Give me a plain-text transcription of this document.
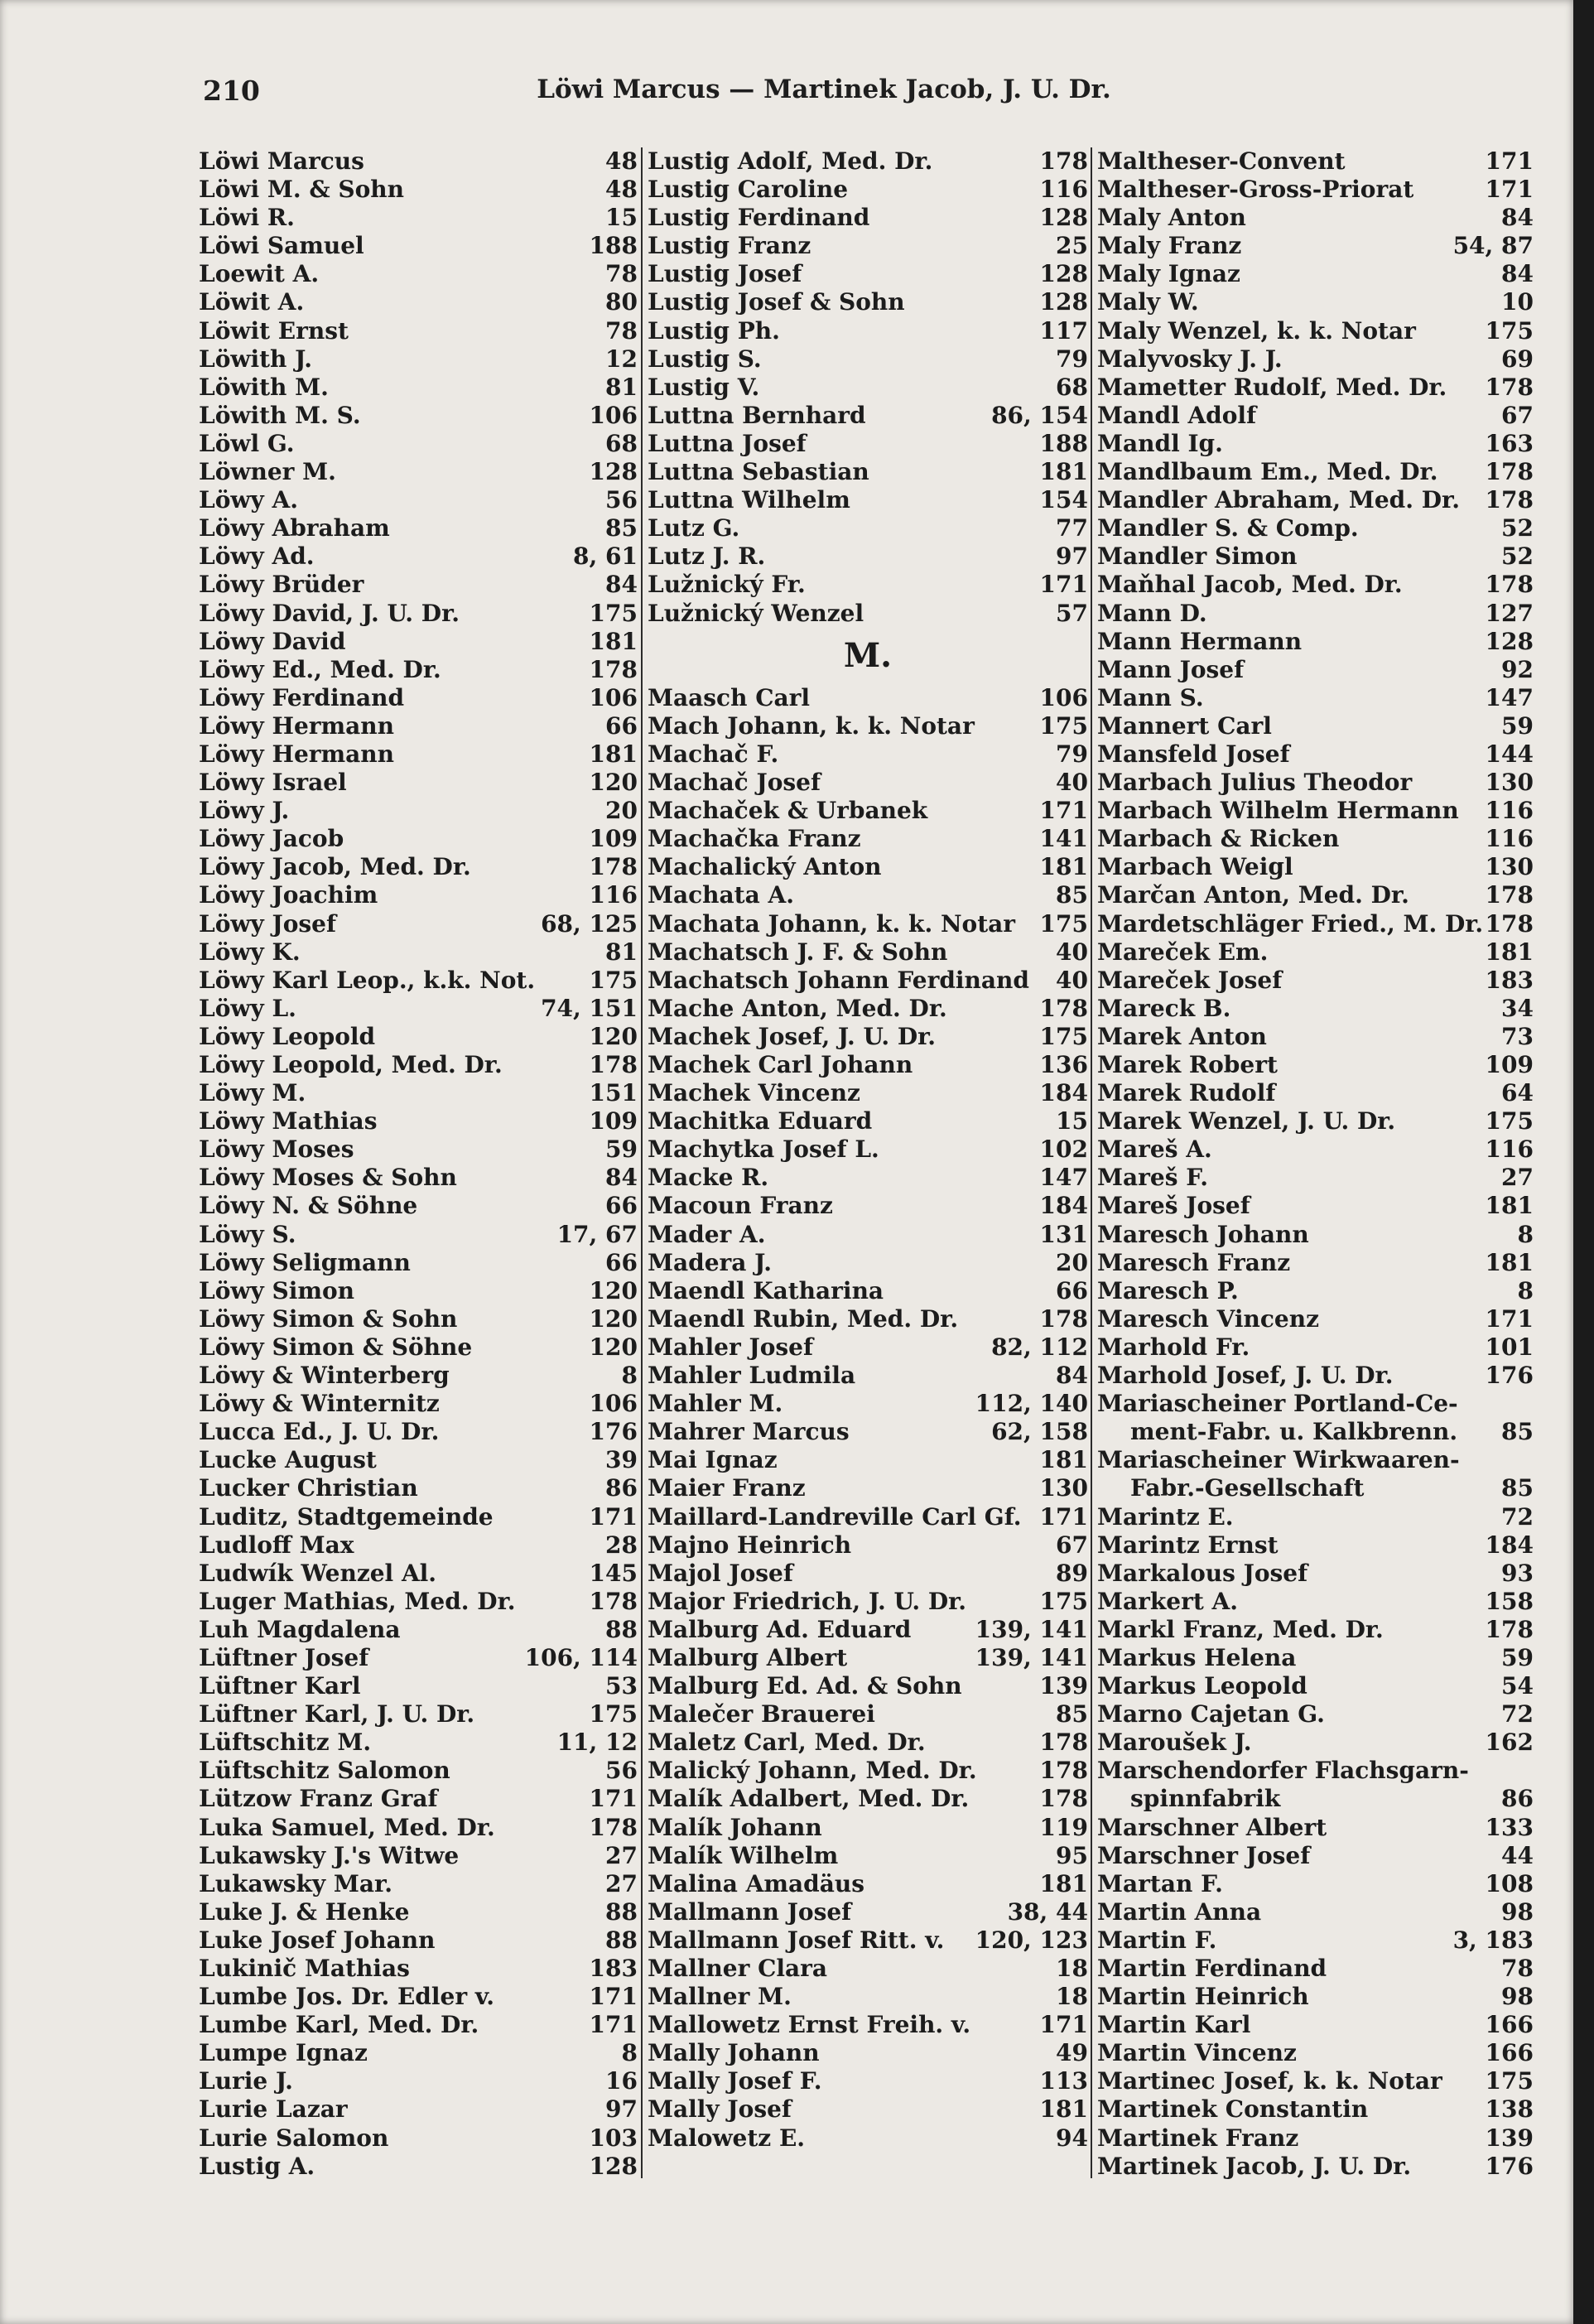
210	Löwi Marcus — Martinek Jacob, J. U. Dr.
Löwi Marcus	48
Löwi M. & Sohn	48
Löwi R.	15
Löwi Samuel	188
Loewit A.	78
Löwit A.	80
Löwit Ernst	78
Löwith J.	12
Löwith M.	81
Löwith M. S.	106
Löwl G.	68
Löwner M.	128
Löwy A.	56
Löwy Abraham	85
Löwy Ad.	8, 61
Löwy Brüder	84
Löwy David, J. U. Dr.	175
Löwy David	181
Löwy Ed., Med. Dr.	178
Löwy Ferdinand	106
Löwy Hermann	66
Löwy Hermann	181
Löwy Israel	120
Löwy J.	20
Löwy Jacob	109
Löwy Jacob, Med. Dr.	178
Löwy Joachim	116
Löwy Josef	68, 125
Löwy K.	81
Löwy Karl Leop., k.k. Not. 175
Löwy L.	74, 151
Löwy Leopold	120
Löwy Leopold, Med. Dr.	178
Löwy M.	151
Löwy Mathias	109
Löwy Moses	59
Löwy Moses & Sohn	84
Löwy N. & Söhne	66
Löwy S.	17, 67
Löwy Seligmann	66
Löwy Simon	120
Löwy Simon & Sohn	120
Löwy Simon & Söhne	120
Löwy & Winterberg	8
Löwy & Winternitz	106
Lucca Ed., J. U. Dr.	176
Lucke August	39
Lucker Christian	86
Luditz, Stadtgemeinde	171
Ludloff Max	28
Ludwík Wenzel Al.	145
Luger Mathias, Med. Dr.	178
Luh Magdalena	88
Lüftner Josef	106, 114
Lüftner Karl	53
Lüftner Karl, J. U. Dr.	175
Lüftschitz M.	11, 12
Lüftschitz Salomon	56
Lützow Franz Graf	171
Luka Samuel, Med. Dr.	178
Lukawsky J.'s Witwe	27
Lukawsky Mar.	27
Luke J. & Henke	88
Luke Josef Johann	88
Lukinič Mathias	183
Lumbe Jos. Dr. Edler v.	171
Lumbe Karl, Med. Dr.	171
Lumpe Ignaz	8
Lurie J.	16
Lurie Lazar	97
Lurie Salomon	103
Lustig A.	128
Lustig Adolf, Med. Dr.	178
Lustig Caroline	116
Lustig Ferdinand	128
Lustig Franz	25
Lustig Josef	128
Lustig Josef & Sohn	128
Lustig Ph.	117
Lustig S.	79
Lustig V.	68
Luttna Bernhard	86, 154
Luttna Josef	188
Luttna Sebastian	181
Luttna Wilhelm	154
Lutz G.	77
Lutz J. R.	97
Lužnický Fr.	171
Lužnický Wenzel	57
M.
Maasch Carl	106
Mach Johann, k. k. Notar	175
Machač F.	79
Machač Josef	40
Machaček & Urbanek	171
Machačka Franz	141
Machalický Anton	181
Machata A.	85
Machata Johann, k. k. Notar 175
Machatsch J. F. & Sohn	40
Machatsch Johann Ferdinand 40
Mache Anton, Med. Dr.	178
Machek Josef, J. U. Dr.	175
Machek Carl Johann	136
Machek Vincenz	184
Machitka Eduard	15
Machytka Josef L.	102
Macke R.	147
Macoun Franz	184
Mader A.	131
Madera J.	20
Maendl Katharina	66
Maendl Rubin, Med. Dr.	178
Mahler Josef	82, 112
Mahler Ludmila	84
Mahler M.	112, 140
Mahrer Marcus	62, 158
Mai Ignaz	181
Maier Franz	130
Maillard-Landreville Carl Gf. 171
Majno Heinrich	67
Majol Josef	89
Major Friedrich, J. U. Dr.	175
Malburg Ad. Eduard	139, 141
Malburg Albert	139, 141
Malburg Ed. Ad. & Sohn	139
Malečer Brauerei	85
Maletz Carl, Med. Dr.	178
Malický Johann, Med. Dr.	178
Malík Adalbert, Med. Dr.	178
Malík Johann	119
Malík Wilhelm	95
Malina Amadäus	181
Mallmann Josef	38, 44
Mallmann Josef Ritt. v. 120, 123
Mallner Clara	18
Mallner M.	18
Mallowetz Ernst Freih. v.	171
Mally Johann	49
Mally Josef F.	113
Mally Josef	181
Malowetz E.	94
Maltheser-Convent	171
Maltheser-Gross-Priorat	171
Maly Anton	84
Maly Franz	54, 87
Maly Ignaz	84
Maly W.	10
Maly Wenzel, k. k. Notar	175
Malyvosky J. J.	69
Mametter Rudolf, Med. Dr. 178
Mandl Adolf	67
Mandl Ig.	163
Mandlbaum Em., Med. Dr. 178
Mandler Abraham, Med. Dr. 178
Mandler S. & Comp.	52
Mandler Simon	52
Maňhal Jacob, Med. Dr.	178
Mann D.	127
Mann Hermann	128
Mann Josef	92
Mann S.	147
Mannert Carl	59
Mansfeld Josef	144
Marbach Julius Theodor	130
Marbach Wilhelm Hermann 116
Marbach & Ricken	116
Marbach Weigl	130
Marčan Anton, Med. Dr.	178
Mardetschläger Fried., M. Dr. 178
Mareček Em.	181
Mareček Josef	183
Mareck B.	34
Marek Anton	73
Marek Robert	109
Marek Rudolf	64
Marek Wenzel, J. U. Dr.	175
Mareš A.	116
Mareš F.	27
Mareš Josef	181
Maresch Johann	8
Maresch Franz	181
Maresch P.	8
Maresch Vincenz	171
Marhold Fr.	101
Marhold Josef, J. U. Dr.	176
Mariascheiner Portland-Ce-
ment-Fabr. u. Kalkbrenn. 85
Mariascheiner Wirkwaaren-
Fabr.-Gesellschaft	85
Marintz E.	72
Marintz Ernst	184
Markalous Josef	93
Markert A.	158
Markl Franz, Med. Dr.	178
Markus Helena	59
Markus Leopold	54
Marno Cajetan G.	72
Maroušek J.	162
Marschendorfer Flachsgarn-
spinnfabrik	86
Marschner Albert	133
Marschner Josef	44
Martan F.	108
Martin Anna	98
Martin F.	3, 183
Martin Ferdinand	78
Martin Heinrich	98
Martin Karl	166
Martin Vincenz	166
Martinec Josef, k. k. Notar 175
Martinek Constantin	138
Martinek Franz	139
Martinek Jacob, J. U. Dr.	176
